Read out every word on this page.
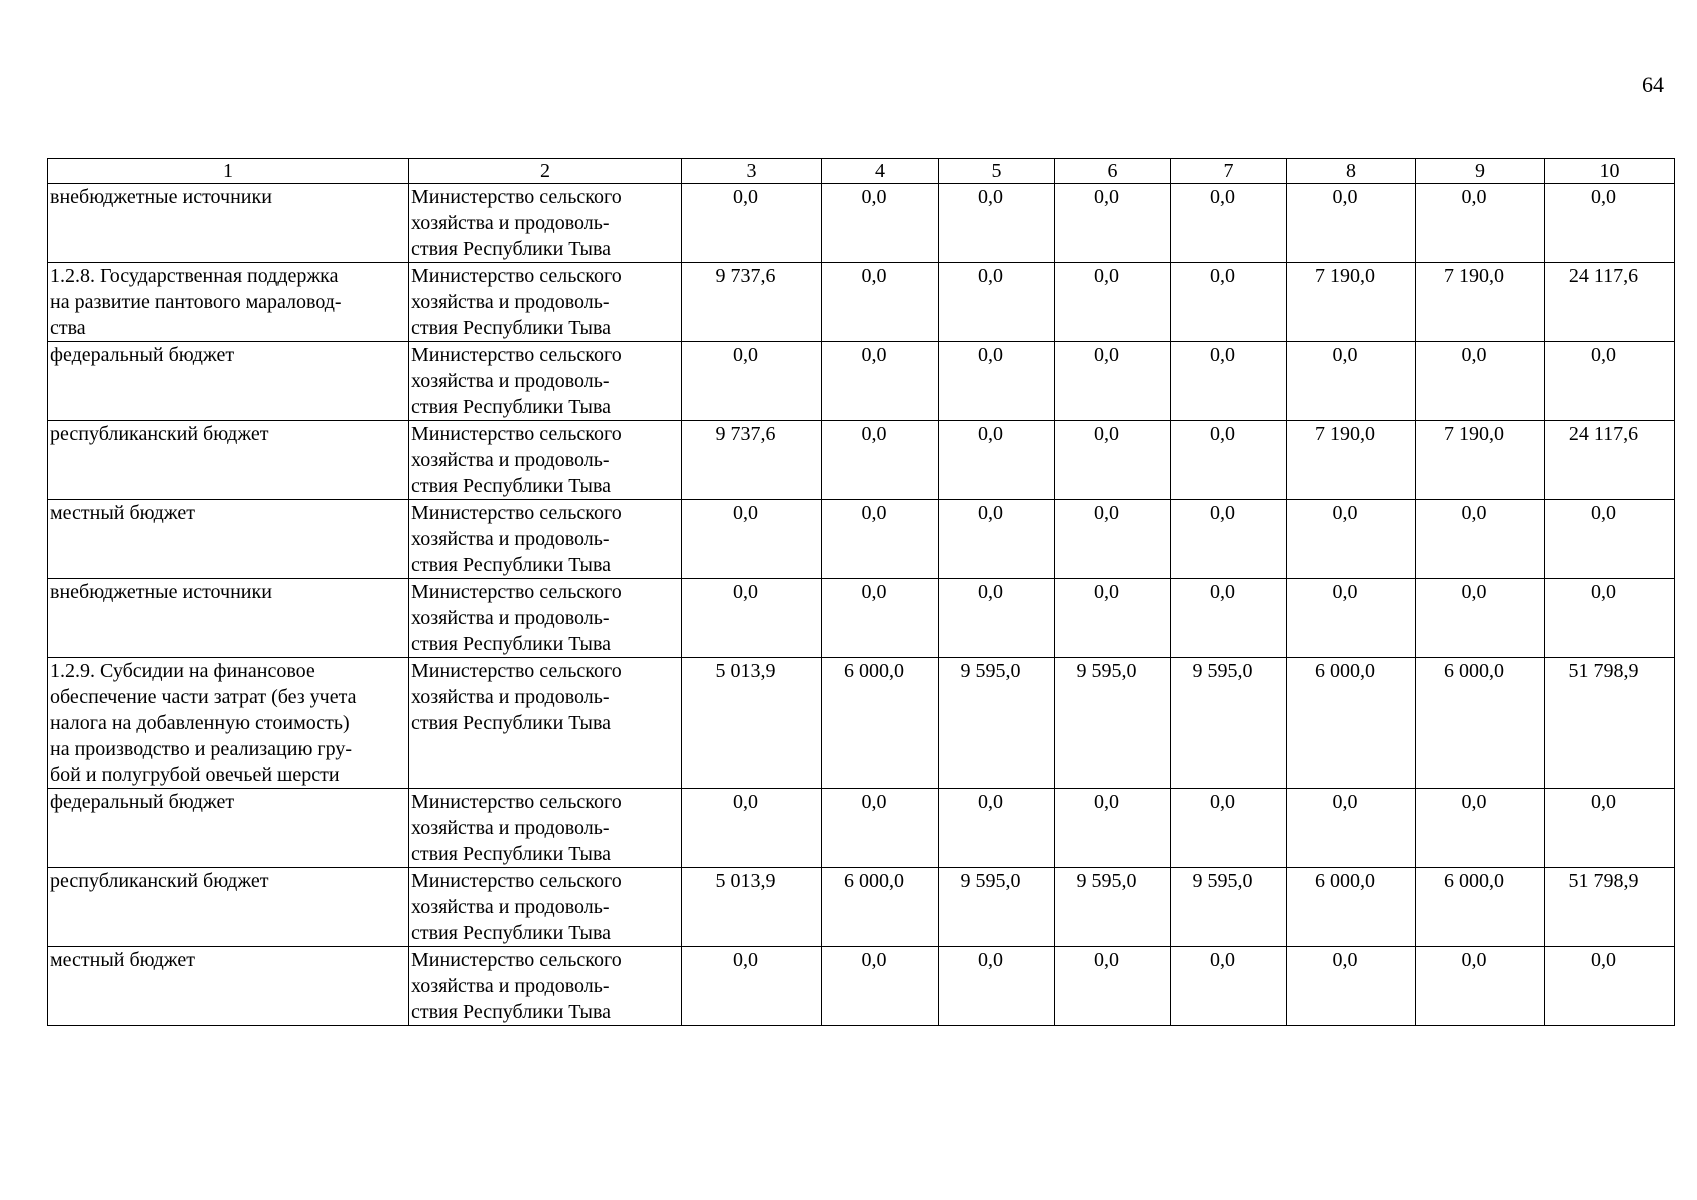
64
1	2	3	4	5	6	7	8	9	10

внебюджетные источники	Министерство сельского
хозяйства и продоволь-
ствия Республики Тыва	0,0	0,0	0,0	0,0	0,0	0,0	0,0	0,0

1.2.8. Государственная поддержка
на развитие пантового мараловод-
ства	Министерство сельского
хозяйства и продоволь-
ствия Республики Тыва	9 737,6	0,0	0,0	0,0	0,0	7 190,0	7 190,0	24 117,6

федеральный бюджет	Министерство сельского
хозяйства и продоволь-
ствия Республики Тыва	0,0	0,0	0,0	0,0	0,0	0,0	0,0	0,0

республиканский бюджет	Министерство сельского
хозяйства и продоволь-
ствия Республики Тыва	9 737,6	0,0	0,0	0,0	0,0	7 190,0	7 190,0	24 117,6

местный бюджет	Министерство сельского
хозяйства и продоволь-
ствия Республики Тыва	0,0	0,0	0,0	0,0	0,0	0,0	0,0	0,0

внебюджетные источники	Министерство сельского
хозяйства и продоволь-
ствия Республики Тыва	0,0	0,0	0,0	0,0	0,0	0,0	0,0	0,0

1.2.9. Субсидии на финансовое
обеспечение части затрат (без учета
налога на добавленную стоимость)
на производство и реализацию гру-
бой и полугрубой овечьей шерсти	Министерство сельского
хозяйства и продоволь-
ствия Республики Тыва	5 013,9	6 000,0	9 595,0	9 595,0	9 595,0	6 000,0	6 000,0	51 798,9

федеральный бюджет	Министерство сельского
хозяйства и продоволь-
ствия Республики Тыва	0,0	0,0	0,0	0,0	0,0	0,0	0,0	0,0

республиканский бюджет	Министерство сельского
хозяйства и продоволь-
ствия Республики Тыва	5 013,9	6 000,0	9 595,0	9 595,0	9 595,0	6 000,0	6 000,0	51 798,9

местный бюджет	Министерство сельского
хозяйства и продоволь-
ствия Республики Тыва	0,0	0,0	0,0	0,0	0,0	0,0	0,0	0,0
